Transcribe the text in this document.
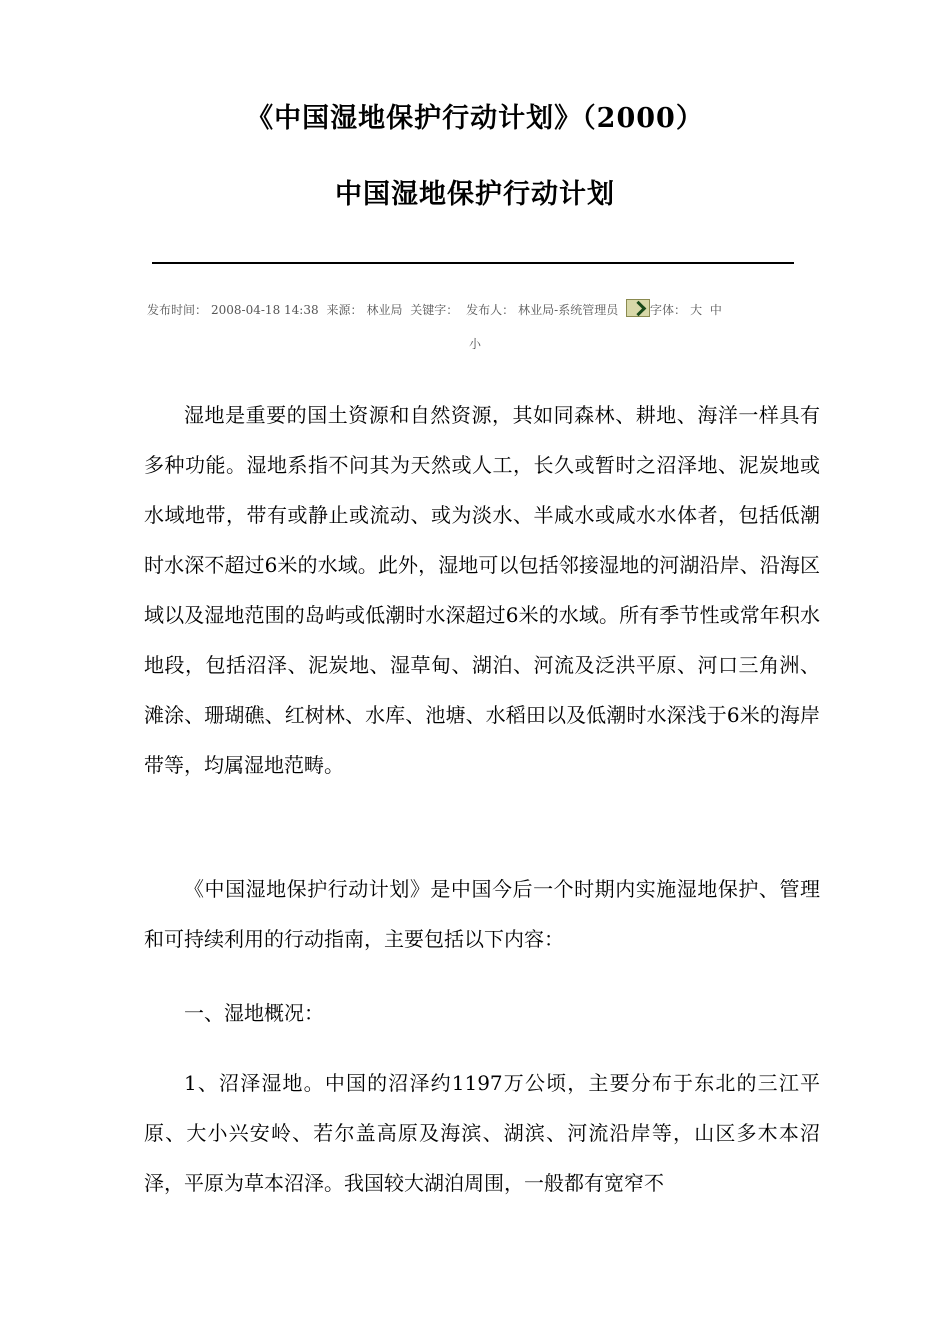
《中国湿地保护行动计划》（2000）
中国湿地保护行动计划
发布时间： 2008-04-18 14:38 来源： 林业局 关键字： 发布人： 林业局-系统管理员	字体： 大 中
小
湿地是重要的国土资源和自然资源，其如同森林、耕地、海洋一样具有多种功能。湿地系指不问其为天然或人工，长久或暂时之沼泽地、泥炭地或水域地带，带有或静止或流动、或为淡水、半咸水或咸水水体者，包括低潮时水深不超过6米的水域。此外，湿地可以包括邻接湿地的河湖沿岸、沿海区域以及湿地范围的岛屿或低潮时水深超过6米的水域。所有季节性或常年积水地段，包括沼泽、泥炭地、湿草甸、湖泊、河流及泛洪平原、河口三角洲、滩涂、珊瑚礁、红树林、水库、池塘、水稻田以及低潮时水深浅于6米的海岸带等，均属湿地范畴。
《中国湿地保护行动计划》是中国今后一个时期内实施湿地保护、管理和可持续利用的行动指南，主要包括以下内容：
一、湿地概况：
1、沼泽湿地。中国的沼泽约1197万公顷，主要分布于东北的三江平原、大小兴安岭、若尔盖高原及海滨、湖滨、河流沿岸等，山区多木本沼泽，平原为草本沼泽。我国较大湖泊周围，一般都有宽窄不
